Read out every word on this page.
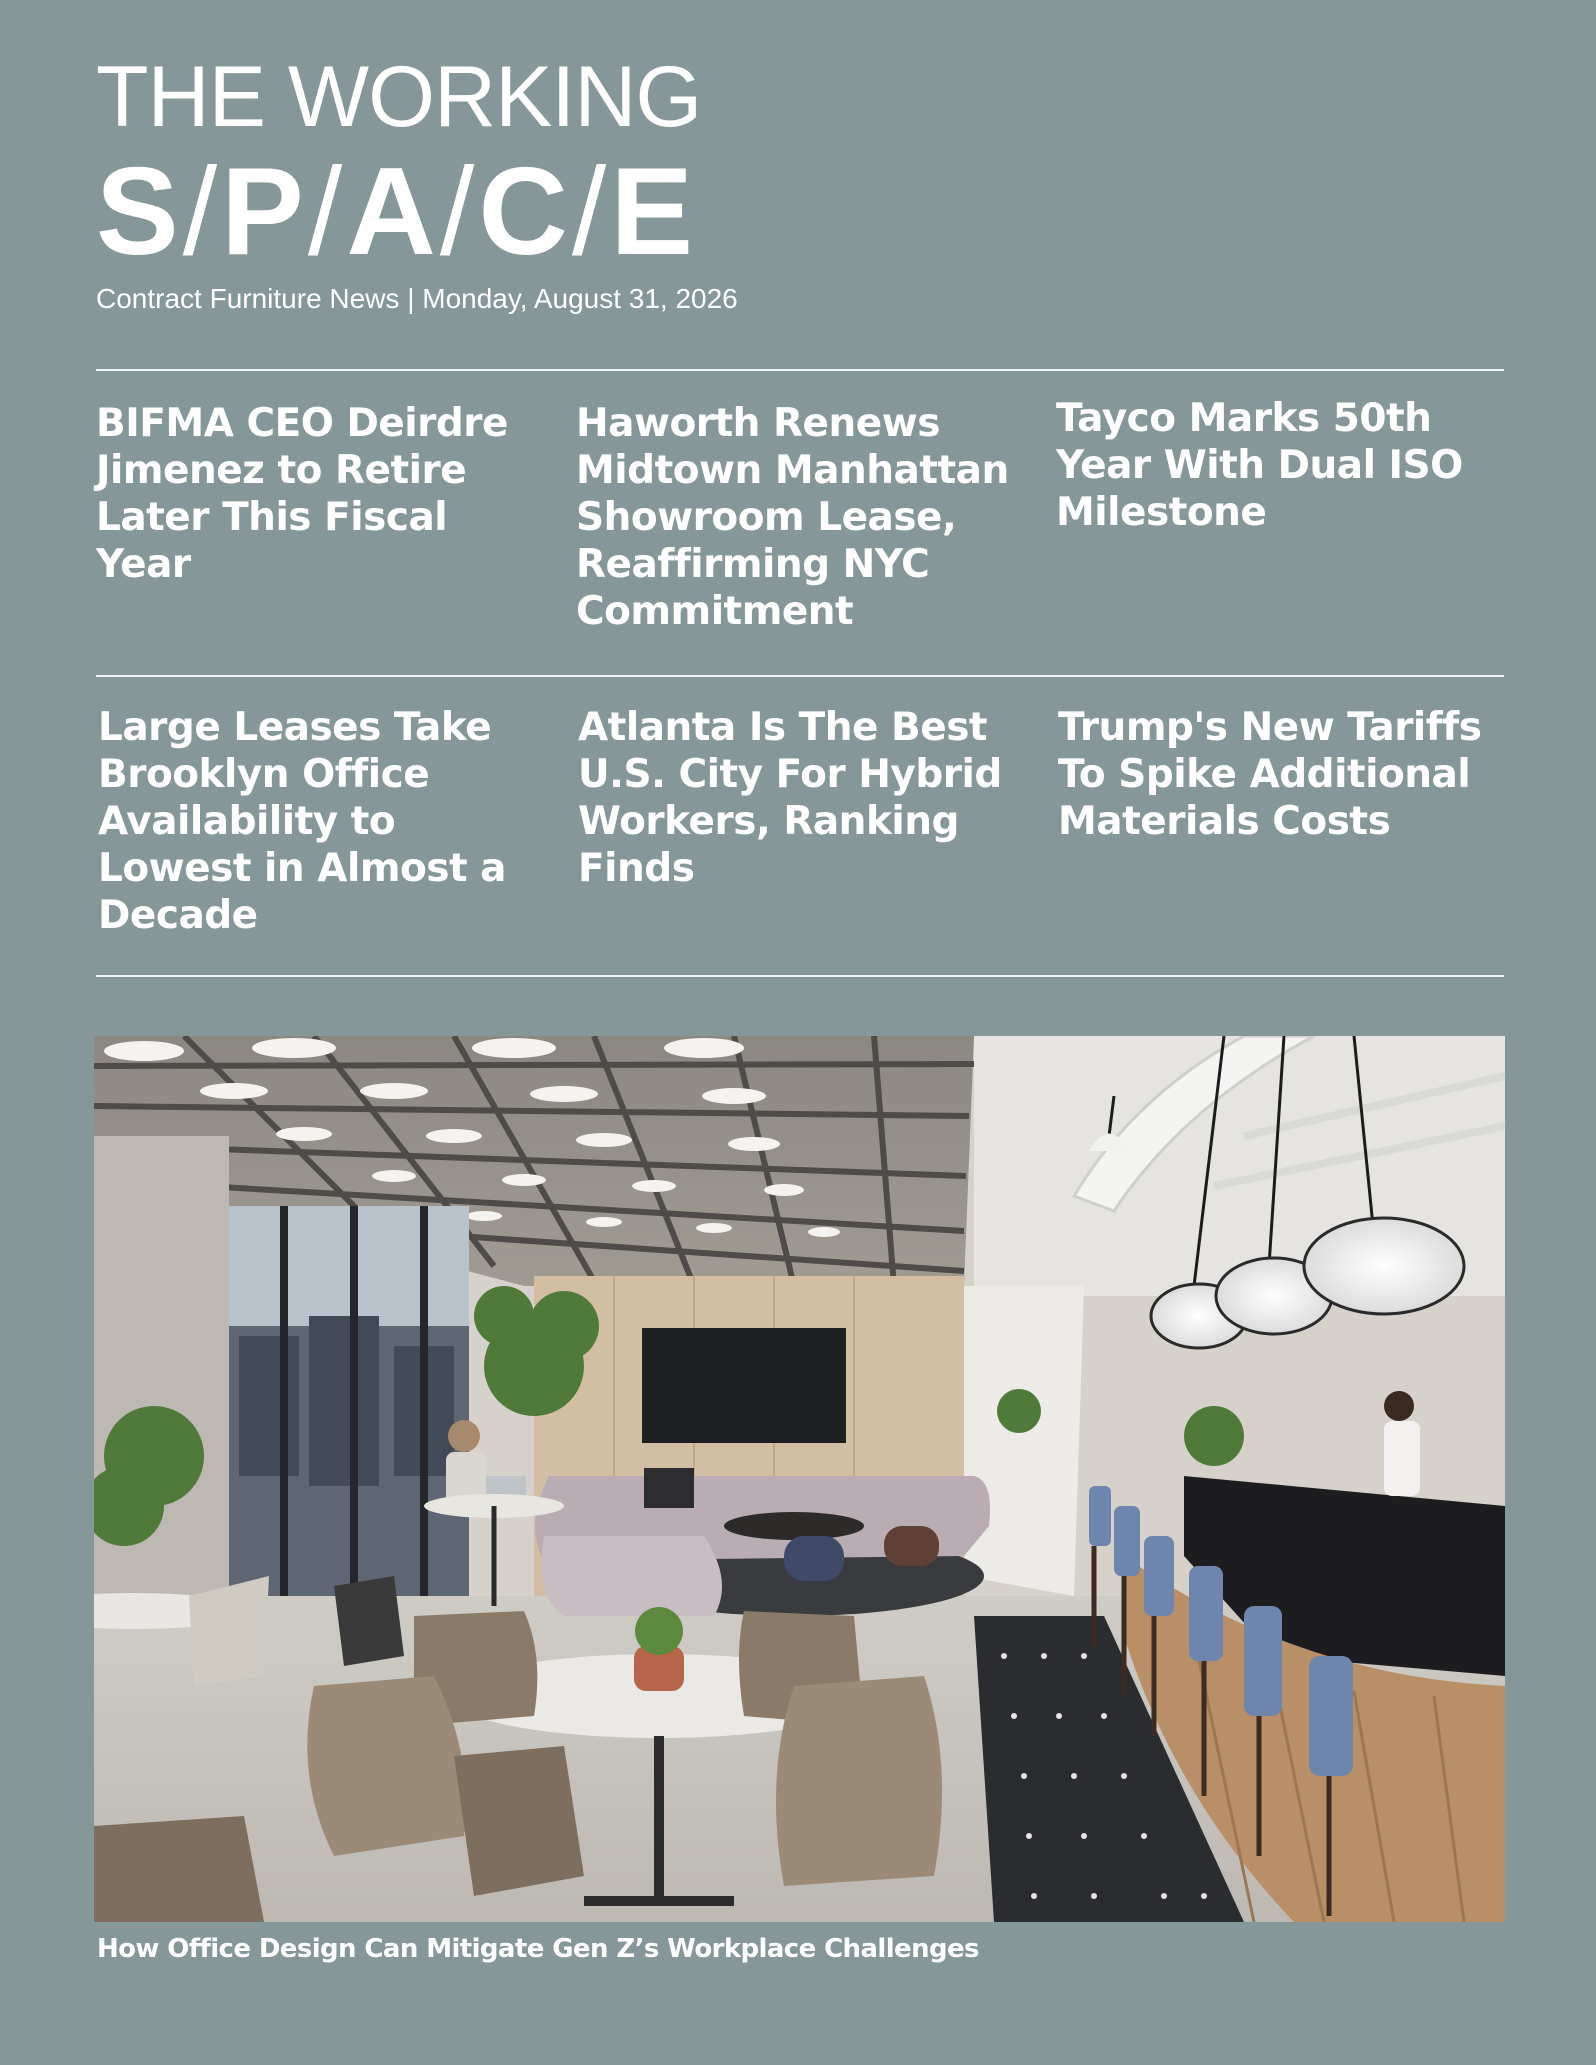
THE WORKING
S/P/A/C/E
Contract Furniture News | Monday, August 31, 2026
BIFMA CEO Deirdre Jimenez to Retire Later This Fiscal Year
Haworth Renews Midtown Manhattan Showroom Lease, Reaffirming NYC Commitment
Tayco Marks 50th Year With Dual ISO Milestone
Large Leases Take Brooklyn Office Availability to Lowest in Almost a Decade
Atlanta Is The Best U.S. City For Hybrid Workers, Ranking Finds
Trump's New Tariffs To Spike Additional Materials Costs
How Office Design Can Mitigate Gen Z’s Workplace Challenges
